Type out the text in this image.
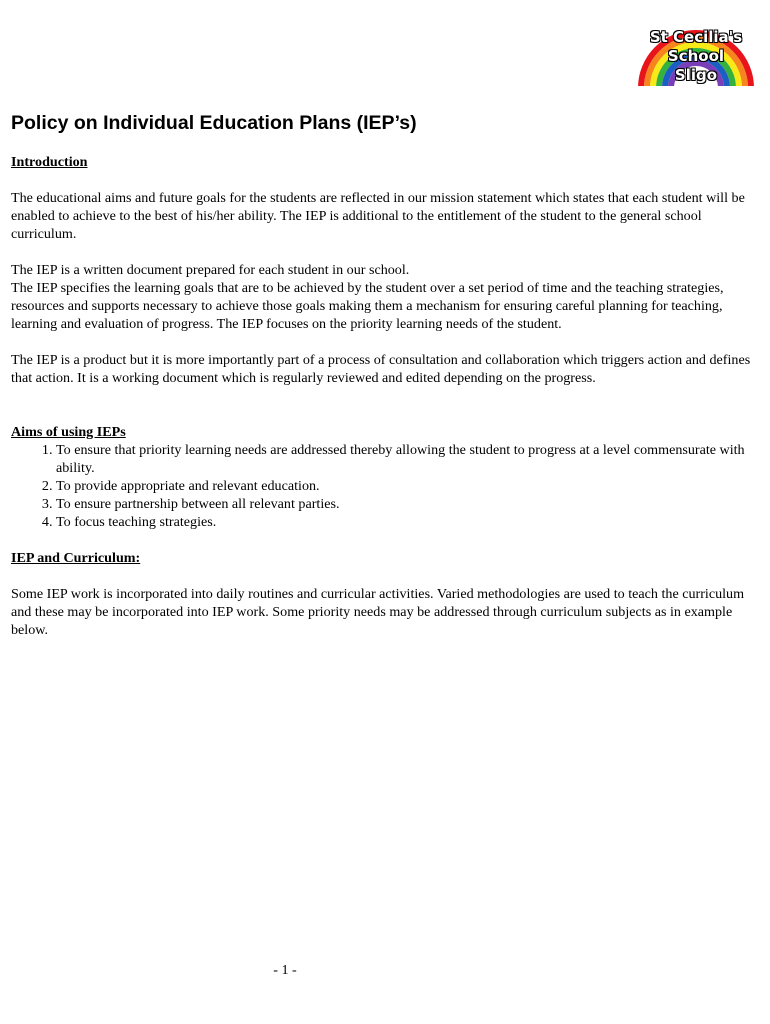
St Cecilia's
School
Sligo
Policy on Individual Education Plans (IEP’s)

Introduction

The educational aims and future goals for the students are reflected in our mission statement which states that each student will be enabled to achieve to the best of his/her ability. The IEP is additional to the entitlement of the student to the general school curriculum.

The IEP is a written document prepared for each student in our school.

The IEP specifies the learning goals that are to be achieved by the student over a set period of time and the teaching strategies, resources and supports necessary to achieve those goals making them a mechanism for ensuring careful planning for teaching, learning and evaluation of progress. The IEP focuses on the priority learning needs of the student.

The IEP is a product but it is more importantly part of a process of consultation and collaboration which triggers action and defines that action. It is a working document which is regularly reviewed and edited depending on the progress.

Aims of using IEPs

1. To ensure that priority learning needs are addressed thereby allowing the student to progress at a level commensurate with ability.
2. To provide appropriate and relevant education.
3. To ensure partnership between all relevant parties.
4. To focus teaching strategies.

IEP and Curriculum:

Some IEP work is incorporated into daily routines and curricular activities. Varied methodologies are used to teach the curriculum and these may be incorporated into IEP work. Some priority needs may be addressed through curriculum subjects as in example below.

- 1 -
